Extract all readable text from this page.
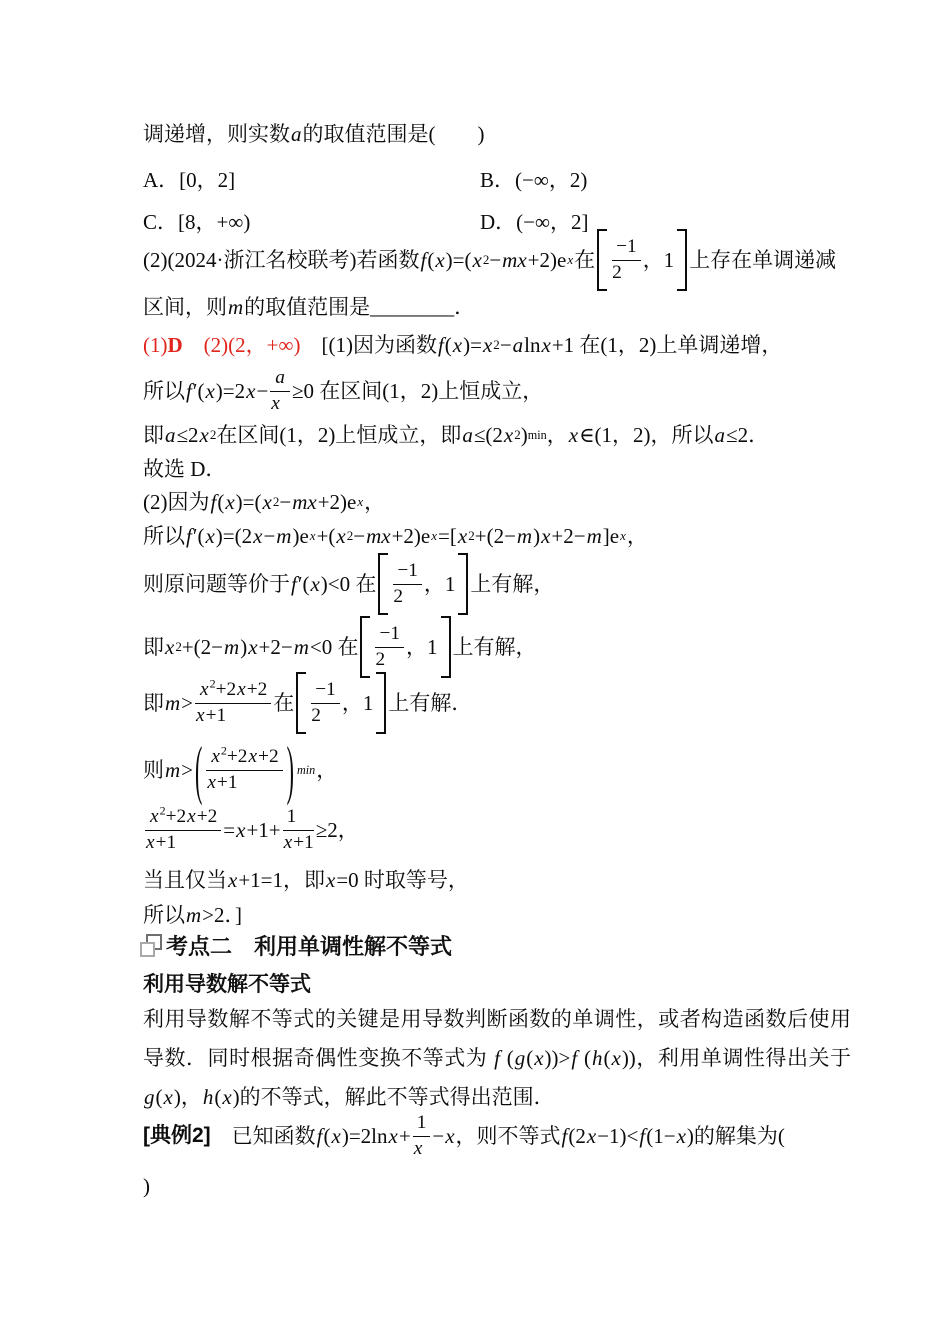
调递增，则实数 a 的取值范围是(　　)
A．[0，2]	B．(−∞，2)
C．[8，+∞)	D．(−∞，2]
(2)(2024·浙江名校联考)若函数 f ( x )=( x 2 − mx +2)e x 在 $\frac{-1}{2}$ ，1 上存在单调递减
区间，则 m 的取值范围是________．
(1) D 　(2)(2，+∞) 　[(1)因为函数 f ( x )= x 2 − a ln x +1 在(1，2)上单调递增，
所以 f ′( x )=2 $x - \frac{a}{x} \ge 0$ 在区间(1，2)上恒成立，
即 a ≤2 x 2 在区间(1，2)上恒成立，即 a ≤(2 x 2 ) min ， x ∈(1，2)，所以 a ≤2．
故选 D．
(2)因为 f ( x )=( x 2 − mx +2)e x ，
所以 f ′( x )=(2 x − m )e x +( x 2 − mx +2)e x =[ x 2 +(2− m ) x +2− m ]e x ，
则原问题等价于 f ′( x )<0 在 $\frac{-1}{2}$ ，1 上有解，
即 x 2 +(2− m ) x +2− m <0 在 $\frac{-1}{2}$ ，1 上有解，
即 $m > \frac{x^2+2x+2}{x+1}$ 在 $\frac{-1}{2}$ ，1 上有解．
则 m > ( $\frac{x^2+2x+2}{x+1}$ ) min ，
$\frac{x^2+2x+2}{x+1} = x +1+ \frac{1}{x+1} \ge 2$，
当且仅当 x +1=1，即 x =0 时取等号，
所以 m >2．]
考点二 利用单调性解不等式
利用导数解不等式
利用导数解不等式的关键是用导数判断函数的单调性，或者构造函数后使用导数．同时根据奇偶性变换不等式为 f (g(x))>f (h(x))，利用单调性得出关于 g(x)，h(x)的不等式，解此不等式得出范围．
[典例2] 　已知函数 f ( x )=2ln $x + \frac{1}{x} - x$ ，则不等式 f (2 x −1)< f (1− x )的解集为(
)
